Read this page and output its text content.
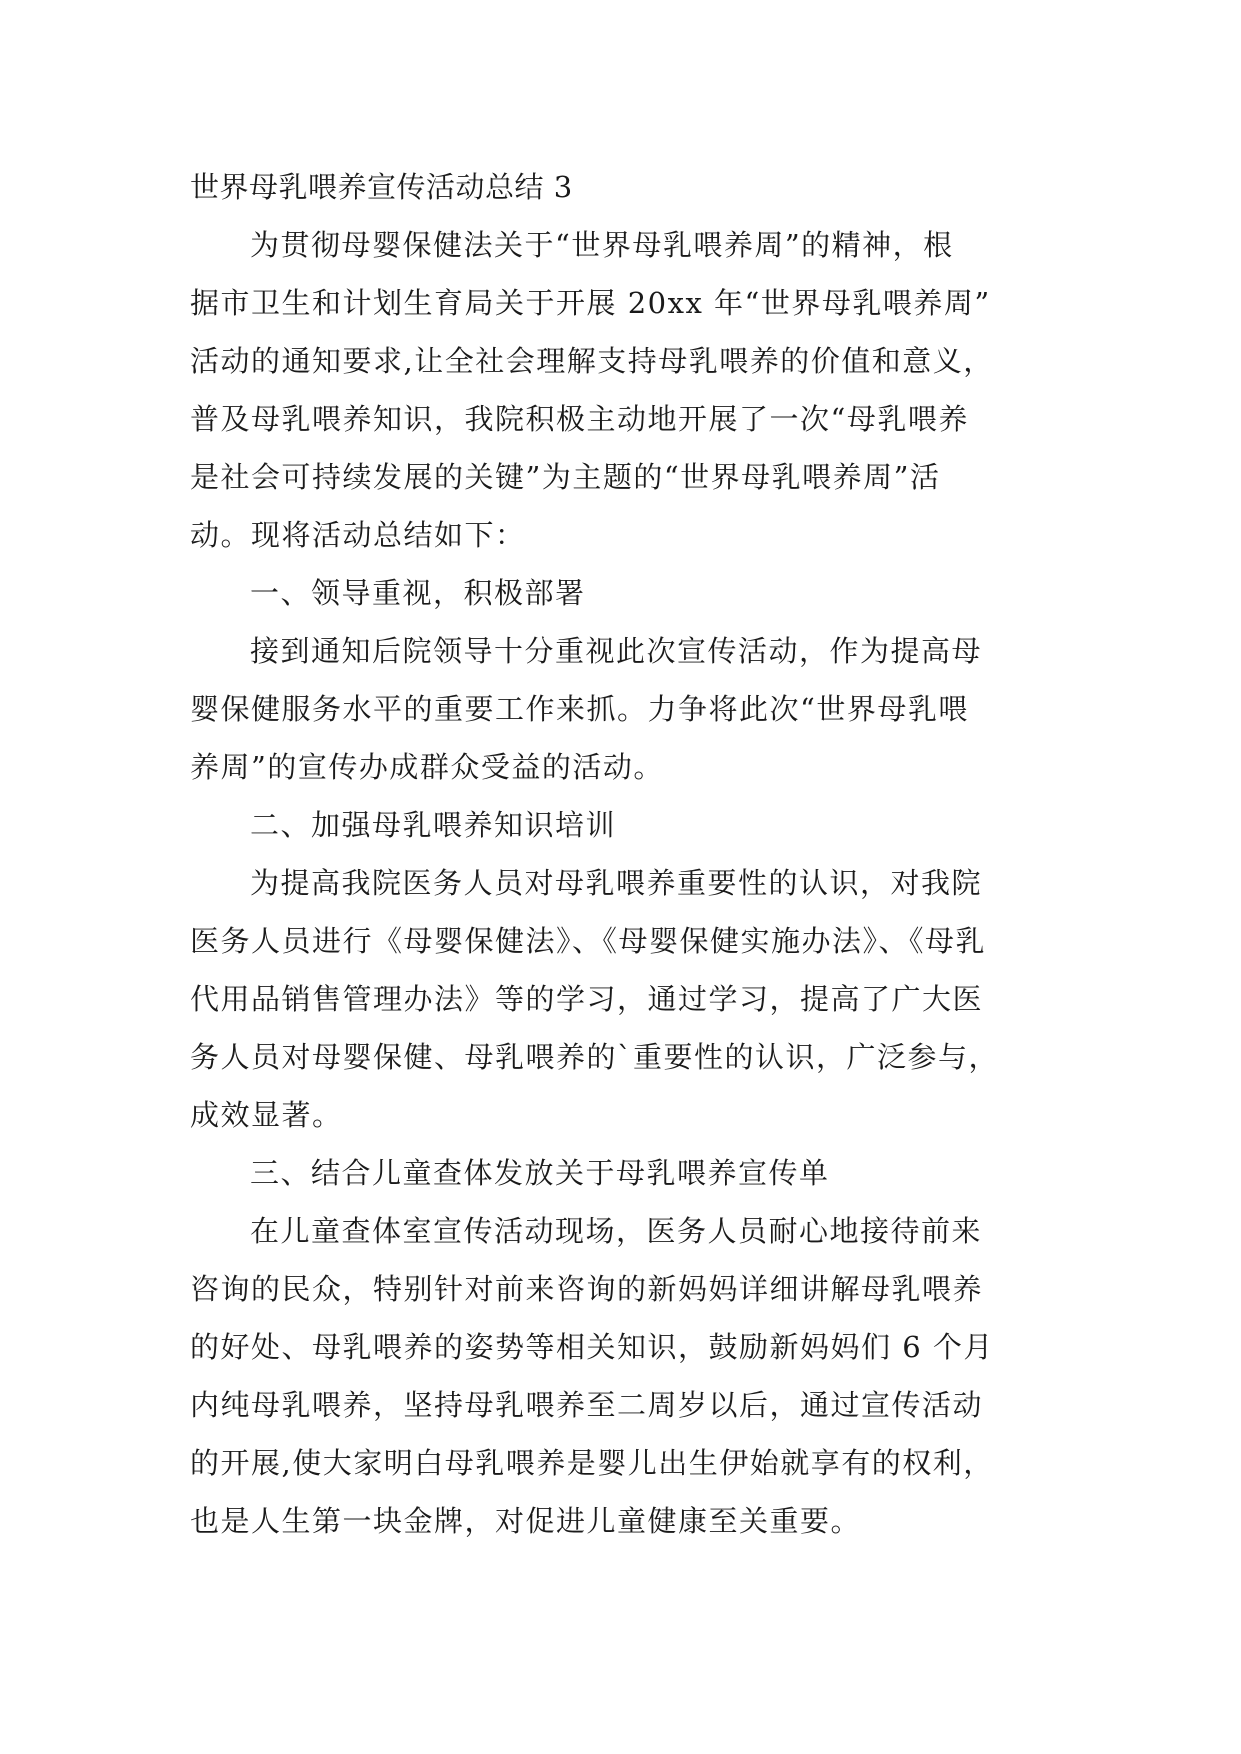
世界母乳喂养宣传活动总结 3

为贯彻母婴保健法关于“世界母乳喂养周”的精神，根

据市卫生和计划生育局关于开展 20xx 年“世界母乳喂养周”

活动的通知要求,让全社会理解支持母乳喂养的价值和意义，

普及母乳喂养知识，我院积极主动地开展了一次“母乳喂养

是社会可持续发展的关键”为主题的“世界母乳喂养周”活

动。现将活动总结如下：

一、领导重视，积极部署

接到通知后院领导十分重视此次宣传活动，作为提高母

婴保健服务水平的重要工作来抓。力争将此次“世界母乳喂

养周”的宣传办成群众受益的活动。

二、加强母乳喂养知识培训

为提高我院医务人员对母乳喂养重要性的认识，对我院

医务人员进行《母婴保健法》、《母婴保健实施办法》、《母乳

代用品销售管理办法》等的学习，通过学习，提高了广大医

务人员对母婴保健、母乳喂养的`重要性的认识，广泛参与，

成效显著。

三、结合儿童查体发放关于母乳喂养宣传单

在儿童查体室宣传活动现场，医务人员耐心地接待前来

咨询的民众，特别针对前来咨询的新妈妈详细讲解母乳喂养

的好处、母乳喂养的姿势等相关知识，鼓励新妈妈们 6 个月

内纯母乳喂养，坚持母乳喂养至二周岁以后，通过宣传活动

的开展,使大家明白母乳喂养是婴儿出生伊始就享有的权利，

也是人生第一块金牌，对促进儿童健康至关重要。
